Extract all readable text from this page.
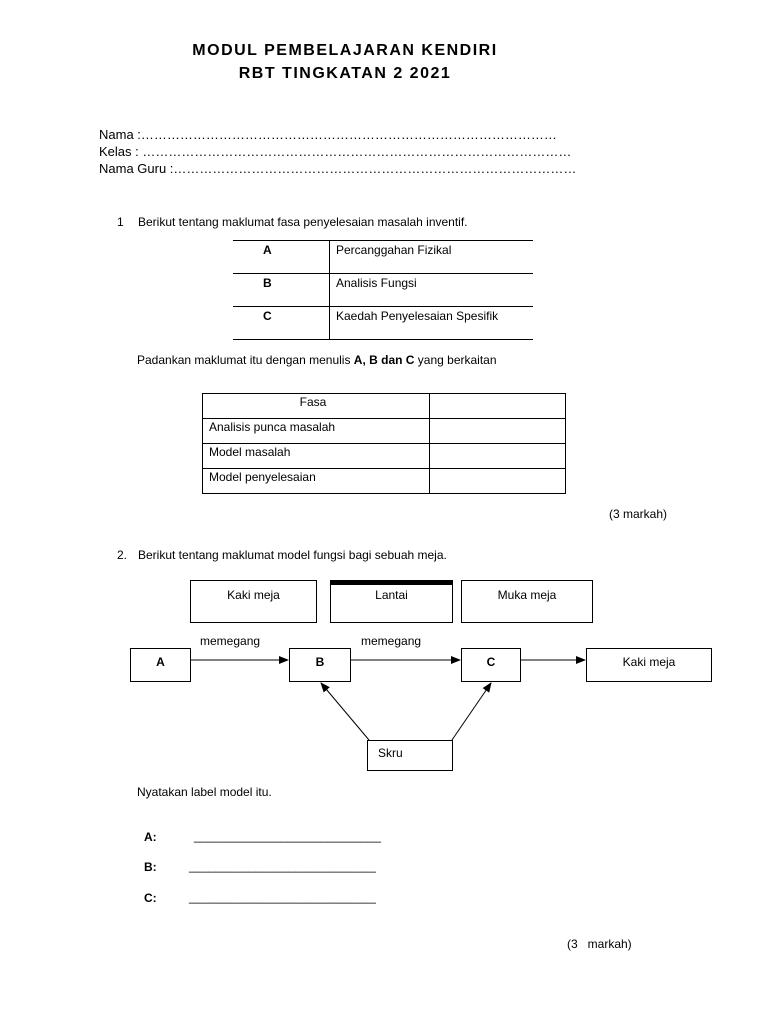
MODUL PEMBELAJARAN KENDIRI
RBT TINGKATAN 2 2021
Nama :……………………………………………………………………………………
Kelas : ………………………………………………………………………………………
Nama Guru :…………………………………………………………………………………
1 Berikut tentang maklumat fasa penyelesaian masalah inventif.
A	Percanggahan Fizikal
B	Analisis Fungsi
C	Kaedah Penyelesaian Spesifik
Padankan maklumat itu dengan menulis A, B dan C yang berkaitan
Fasa	
Analisis punca masalah	
Model masalah	
Model penyelesaian	
(3 markah)
2. Berikut tentang maklumat model fungsi bagi sebuah meja.
Kaki meja	Lantai	Muka meja
memegang	memegang
A	B	C	Kaki meja
Skru
Nyatakan label model itu.
A:	____________________________
B:	____________________________
C:	____________________________
(3   markah)
